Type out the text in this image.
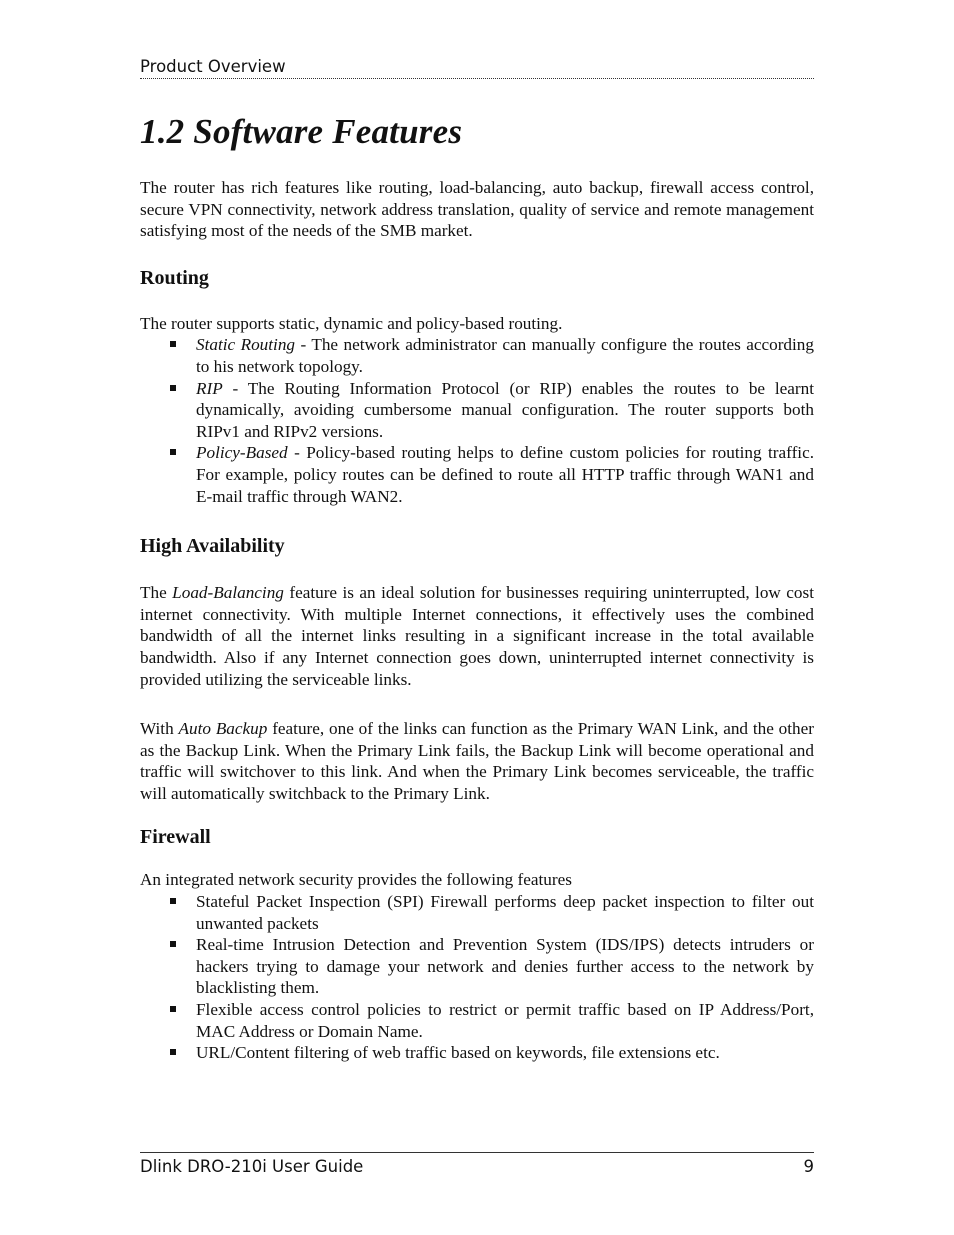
Product Overview
1.2 Software Features

The router has rich features like routing, load-balancing, auto backup, firewall access control, secure VPN connectivity, network address translation, quality of service and remote management satisfying most of the needs of the SMB market.

Routing

The router supports static, dynamic and policy-based routing.

Static Routing - The network administrator can manually configure the routes according to his network topology.
RIP - The Routing Information Protocol (or RIP) enables the routes to be learnt dynamically, avoiding cumbersome manual configuration. The router supports both RIPv1 and RIPv2 versions.
Policy-Based - Policy-based routing helps to define custom policies for routing traffic. For example, policy routes can be defined to route all HTTP traffic through WAN1 and E-mail traffic through WAN2.
High Availability

The Load-Balancing feature is an ideal solution for businesses requiring uninterrupted, low cost internet connectivity. With multiple Internet connections, it effectively uses the combined bandwidth of all the internet links resulting in a significant increase in the total available bandwidth. Also if any Internet connection goes down, uninterrupted internet connectivity is provided utilizing the serviceable links.

With Auto Backup feature, one of the links can function as the Primary WAN Link, and the other as the Backup Link. When the Primary Link fails, the Backup Link will become operational and traffic will switchover to this link. And when the Primary Link becomes serviceable, the traffic will automatically switchback to the Primary Link.

Firewall

An integrated network security provides the following features

Stateful Packet Inspection (SPI) Firewall performs deep packet inspection to filter out unwanted packets
Real-time Intrusion Detection and Prevention System (IDS/IPS) detects intruders or hackers trying to damage your network and denies further access to the network by blacklisting them.
Flexible access control policies to restrict or permit traffic based on IP Address/Port, MAC Address or Domain Name.
URL/Content filtering of web traffic based on keywords, file extensions etc.
Dlink DRO-210i User Guide	9
